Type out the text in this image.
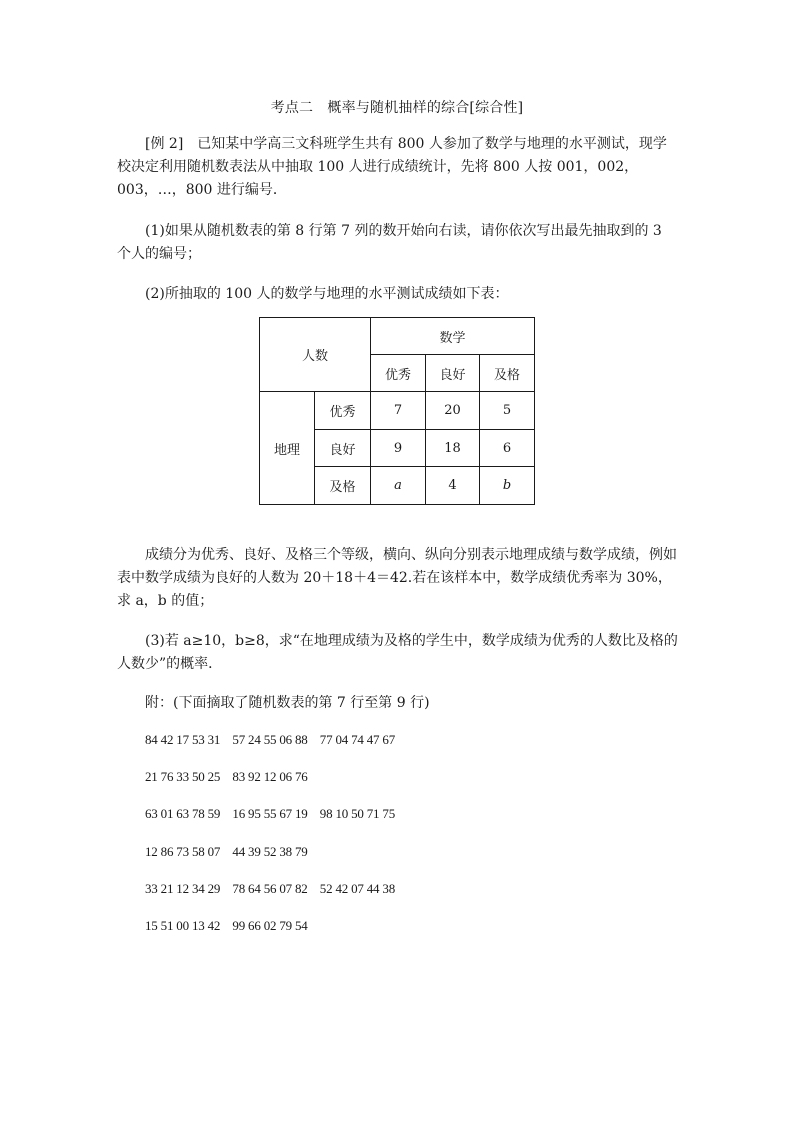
考点二　概率与随机抽样的综合[综合性]

[例 2]　已知某中学高三文科班学生共有 800 人参加了数学与地理的水平测试，现学校决定利用随机数表法从中抽取 100 人进行成绩统计，先将 800 人按 001，002，003，…，800 进行编号．

(1)如果从随机数表的第 8 行第 7 列的数开始向右读，请你依次写出最先抽取到的 3 个人的编号；

(2)所抽取的 100 人的数学与地理的水平测试成绩如下表：

人数		数学		
		优秀	良好	及格
地理	优秀	7	20	5
	良好	9	18	6
	及格	a	4	b

成绩分为优秀、良好、及格三个等级，横向、纵向分别表示地理成绩与数学成绩，例如表中数学成绩为良好的人数为 20＋18＋4＝42.若在该样本中，数学成绩优秀率为 30%，求 a，b 的值；

(3)若 a≥10，b≥8，求“在地理成绩为及格的学生中，数学成绩为优秀的人数比及格的人数少”的概率．

附：(下面摘取了随机数表的第 7 行至第 9 行)

84 42 17 53 31    57 24 55 06 88    77 04 74 47 67
21 76 33 50 25    83 92 12 06 76
63 01 63 78 59    16 95 55 67 19    98 10 50 71 75
12 86 73 58 07    44 39 52 38 79
33 21 12 34 29    78 64 56 07 82    52 42 07 44 38
15 51 00 13 42    99 66 02 79 54
